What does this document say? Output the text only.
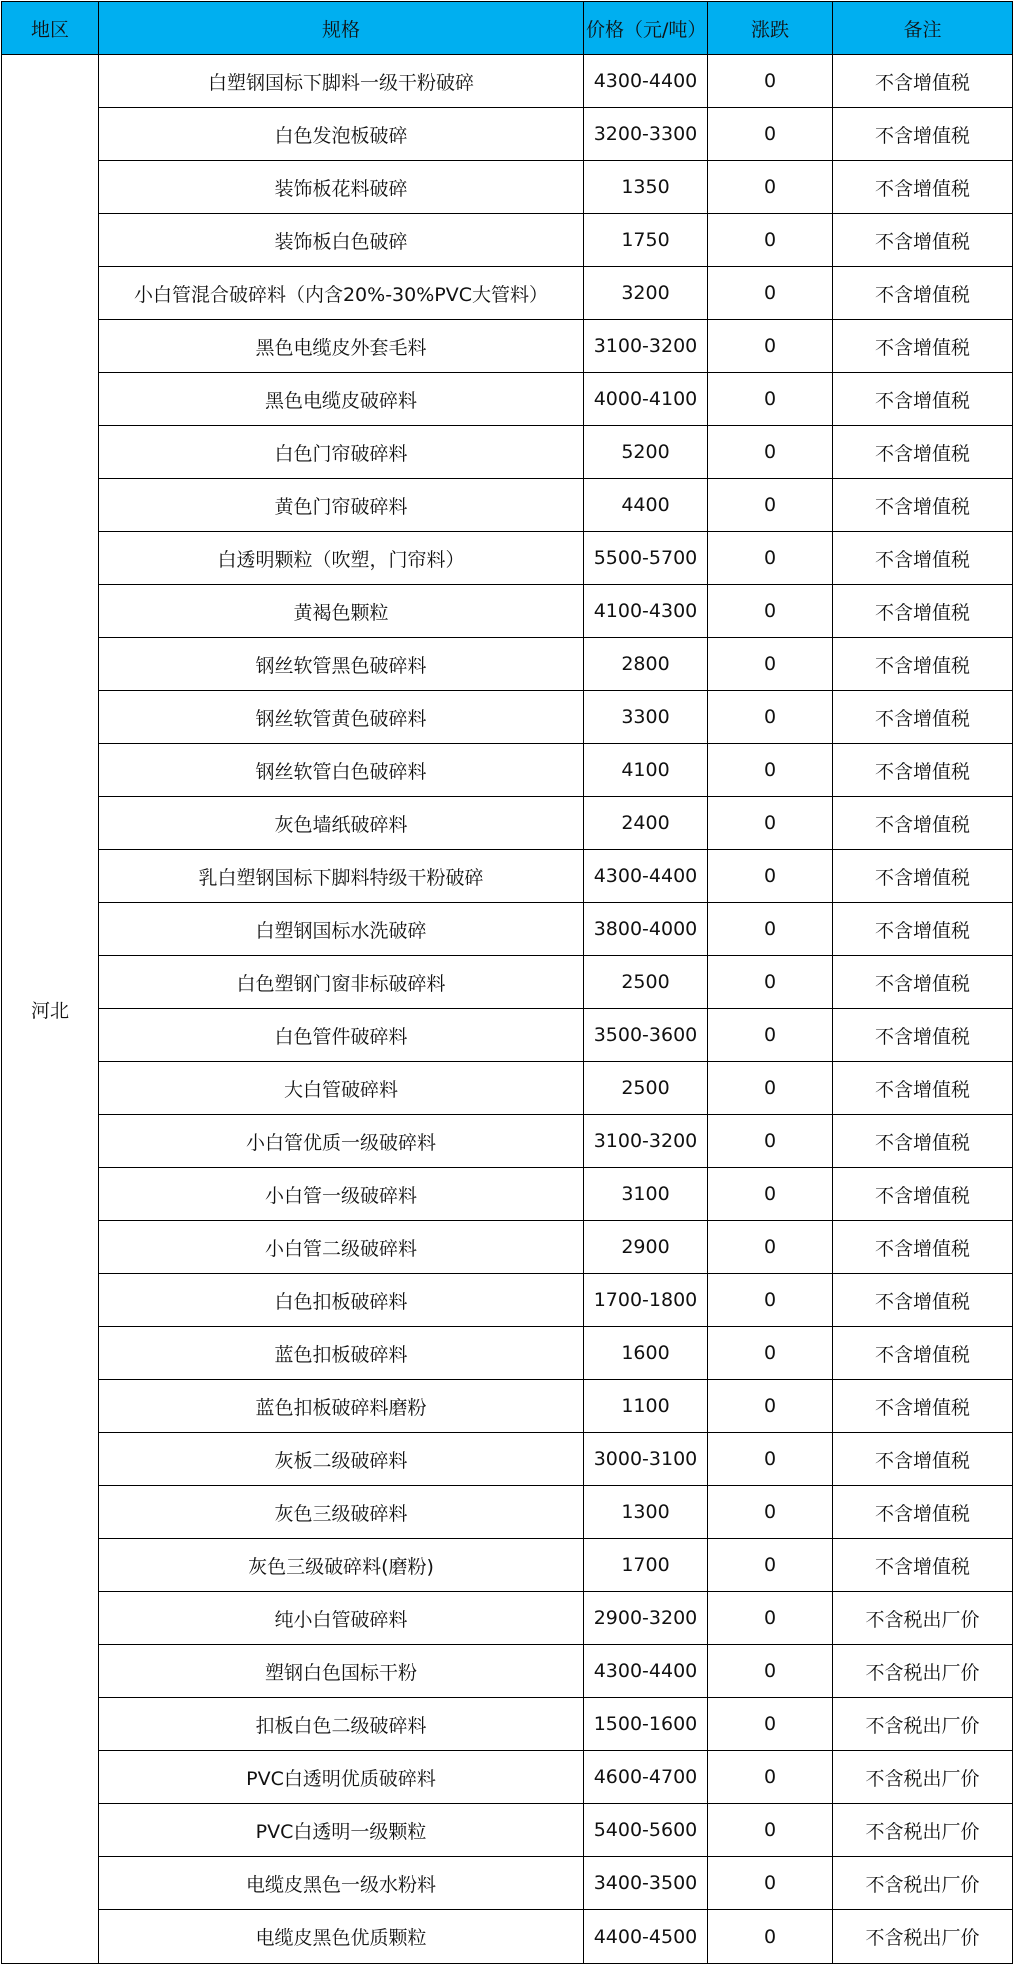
地区	规格	价格（元/吨）	涨跌	备注
河北	白塑钢国标下脚料一级干粉破碎	4300-4400	0	不含增值税
	白色发泡板破碎	3200-3300	0	不含增值税
	装饰板花料破碎	1350	0	不含增值税
	装饰板白色破碎	1750	0	不含增值税
	小白管混合破碎料（内含20%-30%PVC大管料）	3200	0	不含增值税
	黑色电缆皮外套毛料	3100-3200	0	不含增值税
	黑色电缆皮破碎料	4000-4100	0	不含增值税
	白色门帘破碎料	5200	0	不含增值税
	黄色门帘破碎料	4400	0	不含增值税
	白透明颗粒（吹塑，门帘料）	5500-5700	0	不含增值税
	黄褐色颗粒	4100-4300	0	不含增值税
	钢丝软管黑色破碎料	2800	0	不含增值税
	钢丝软管黄色破碎料	3300	0	不含增值税
	钢丝软管白色破碎料	4100	0	不含增值税
	灰色墙纸破碎料	2400	0	不含增值税
	乳白塑钢国标下脚料特级干粉破碎	4300-4400	0	不含增值税
	白塑钢国标水洗破碎	3800-4000	0	不含增值税
	白色塑钢门窗非标破碎料	2500	0	不含增值税
	白色管件破碎料	3500-3600	0	不含增值税
	大白管破碎料	2500	0	不含增值税
	小白管优质一级破碎料	3100-3200	0	不含增值税
	小白管一级破碎料	3100	0	不含增值税
	小白管二级破碎料	2900	0	不含增值税
	白色扣板破碎料	1700-1800	0	不含增值税
	蓝色扣板破碎料	1600	0	不含增值税
	蓝色扣板破碎料磨粉	1100	0	不含增值税
	灰板二级破碎料	3000-3100	0	不含增值税
	灰色三级破碎料	1300	0	不含增值税
	灰色三级破碎料(磨粉)	1700	0	不含增值税
	纯小白管破碎料	2900-3200	0	不含税出厂价
	塑钢白色国标干粉	4300-4400	0	不含税出厂价
	扣板白色二级破碎料	1500-1600	0	不含税出厂价
	PVC白透明优质破碎料	4600-4700	0	不含税出厂价
	PVC白透明一级颗粒	5400-5600	0	不含税出厂价
	电缆皮黑色一级水粉料	3400-3500	0	不含税出厂价
	电缆皮黑色优质颗粒	4400-4500	0	不含税出厂价
